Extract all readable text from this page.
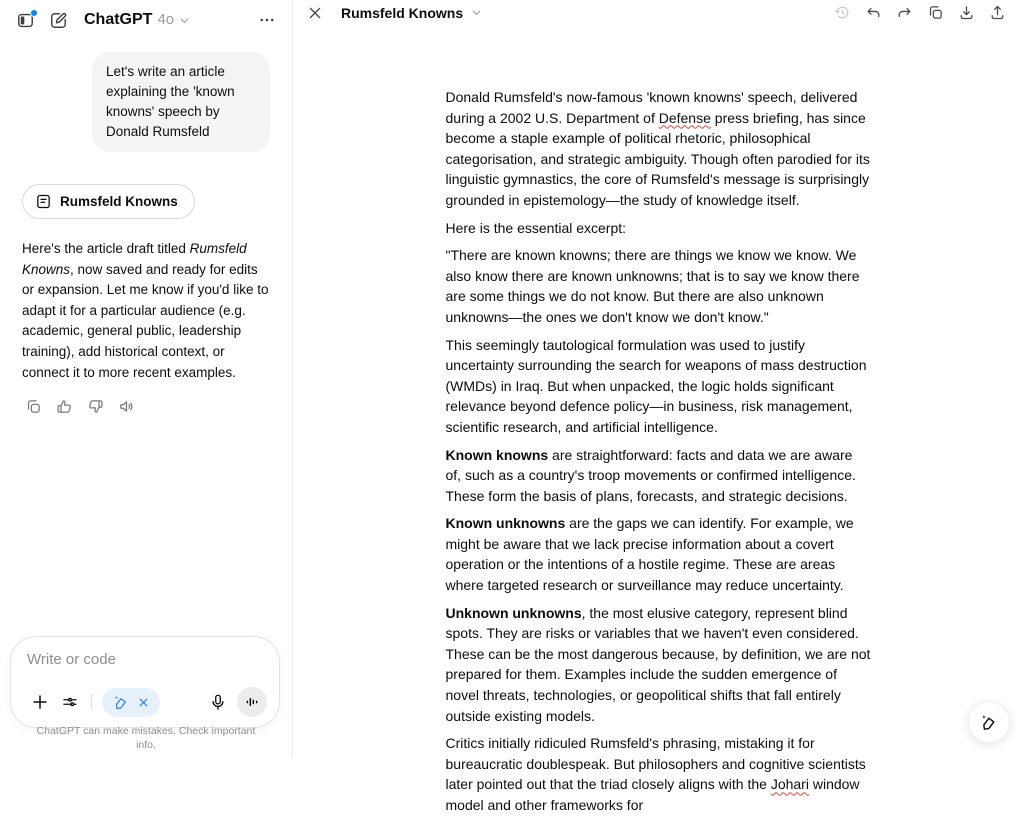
ChatGPT 4o
Let's write an article explaining the 'known knowns' speech by Donald Rumsfeld
Rumsfeld Knowns
Here's the article draft titled Rumsfeld Knowns, now saved and ready for edits or expansion. Let me know if you'd like to adapt it for a particular audience (e.g. academic, general public, leadership training), add historical context, or connect it to more recent examples.
Write or code
ChatGPT can make mistakes. Check important info.
Rumsfeld Knowns

Donald Rumsfeld's now-famous 'known knowns' speech, delivered during a 2002 U.S. Department of Defense press briefing, has since become a staple example of political rhetoric, philosophical categorisation, and strategic ambiguity. Though often parodied for its linguistic gymnastics, the core of Rumsfeld's message is surprisingly grounded in epistemology—the study of knowledge itself.

Here is the essential excerpt:

"There are known knowns; there are things we know we know. We also know there are known unknowns; that is to say we know there are some things we do not know. But there are also unknown unknowns—the ones we don't know we don't know."

This seemingly tautological formulation was used to justify uncertainty surrounding the search for weapons of mass destruction (WMDs) in Iraq. But when unpacked, the logic holds significant relevance beyond defence policy—in business, risk management, scientific research, and artificial intelligence.

Known knowns are straightforward: facts and data we are aware of, such as a country's troop movements or confirmed intelligence. These form the basis of plans, forecasts, and strategic decisions.

Known unknowns are the gaps we can identify. For example, we might be aware that we lack precise information about a covert operation or the intentions of a hostile regime. These are areas where targeted research or surveillance may reduce uncertainty.

Unknown unknowns, the most elusive category, represent blind spots. They are risks or variables that we haven't even considered. These can be the most dangerous because, by definition, we are not prepared for them. Examples include the sudden emergence of novel threats, technologies, or geopolitical shifts that fall entirely outside existing models.

Critics initially ridiculed Rumsfeld's phrasing, mistaking it for bureaucratic doublespeak. But philosophers and cognitive scientists later pointed out that the triad closely aligns with the Johari window model and other frameworks for
